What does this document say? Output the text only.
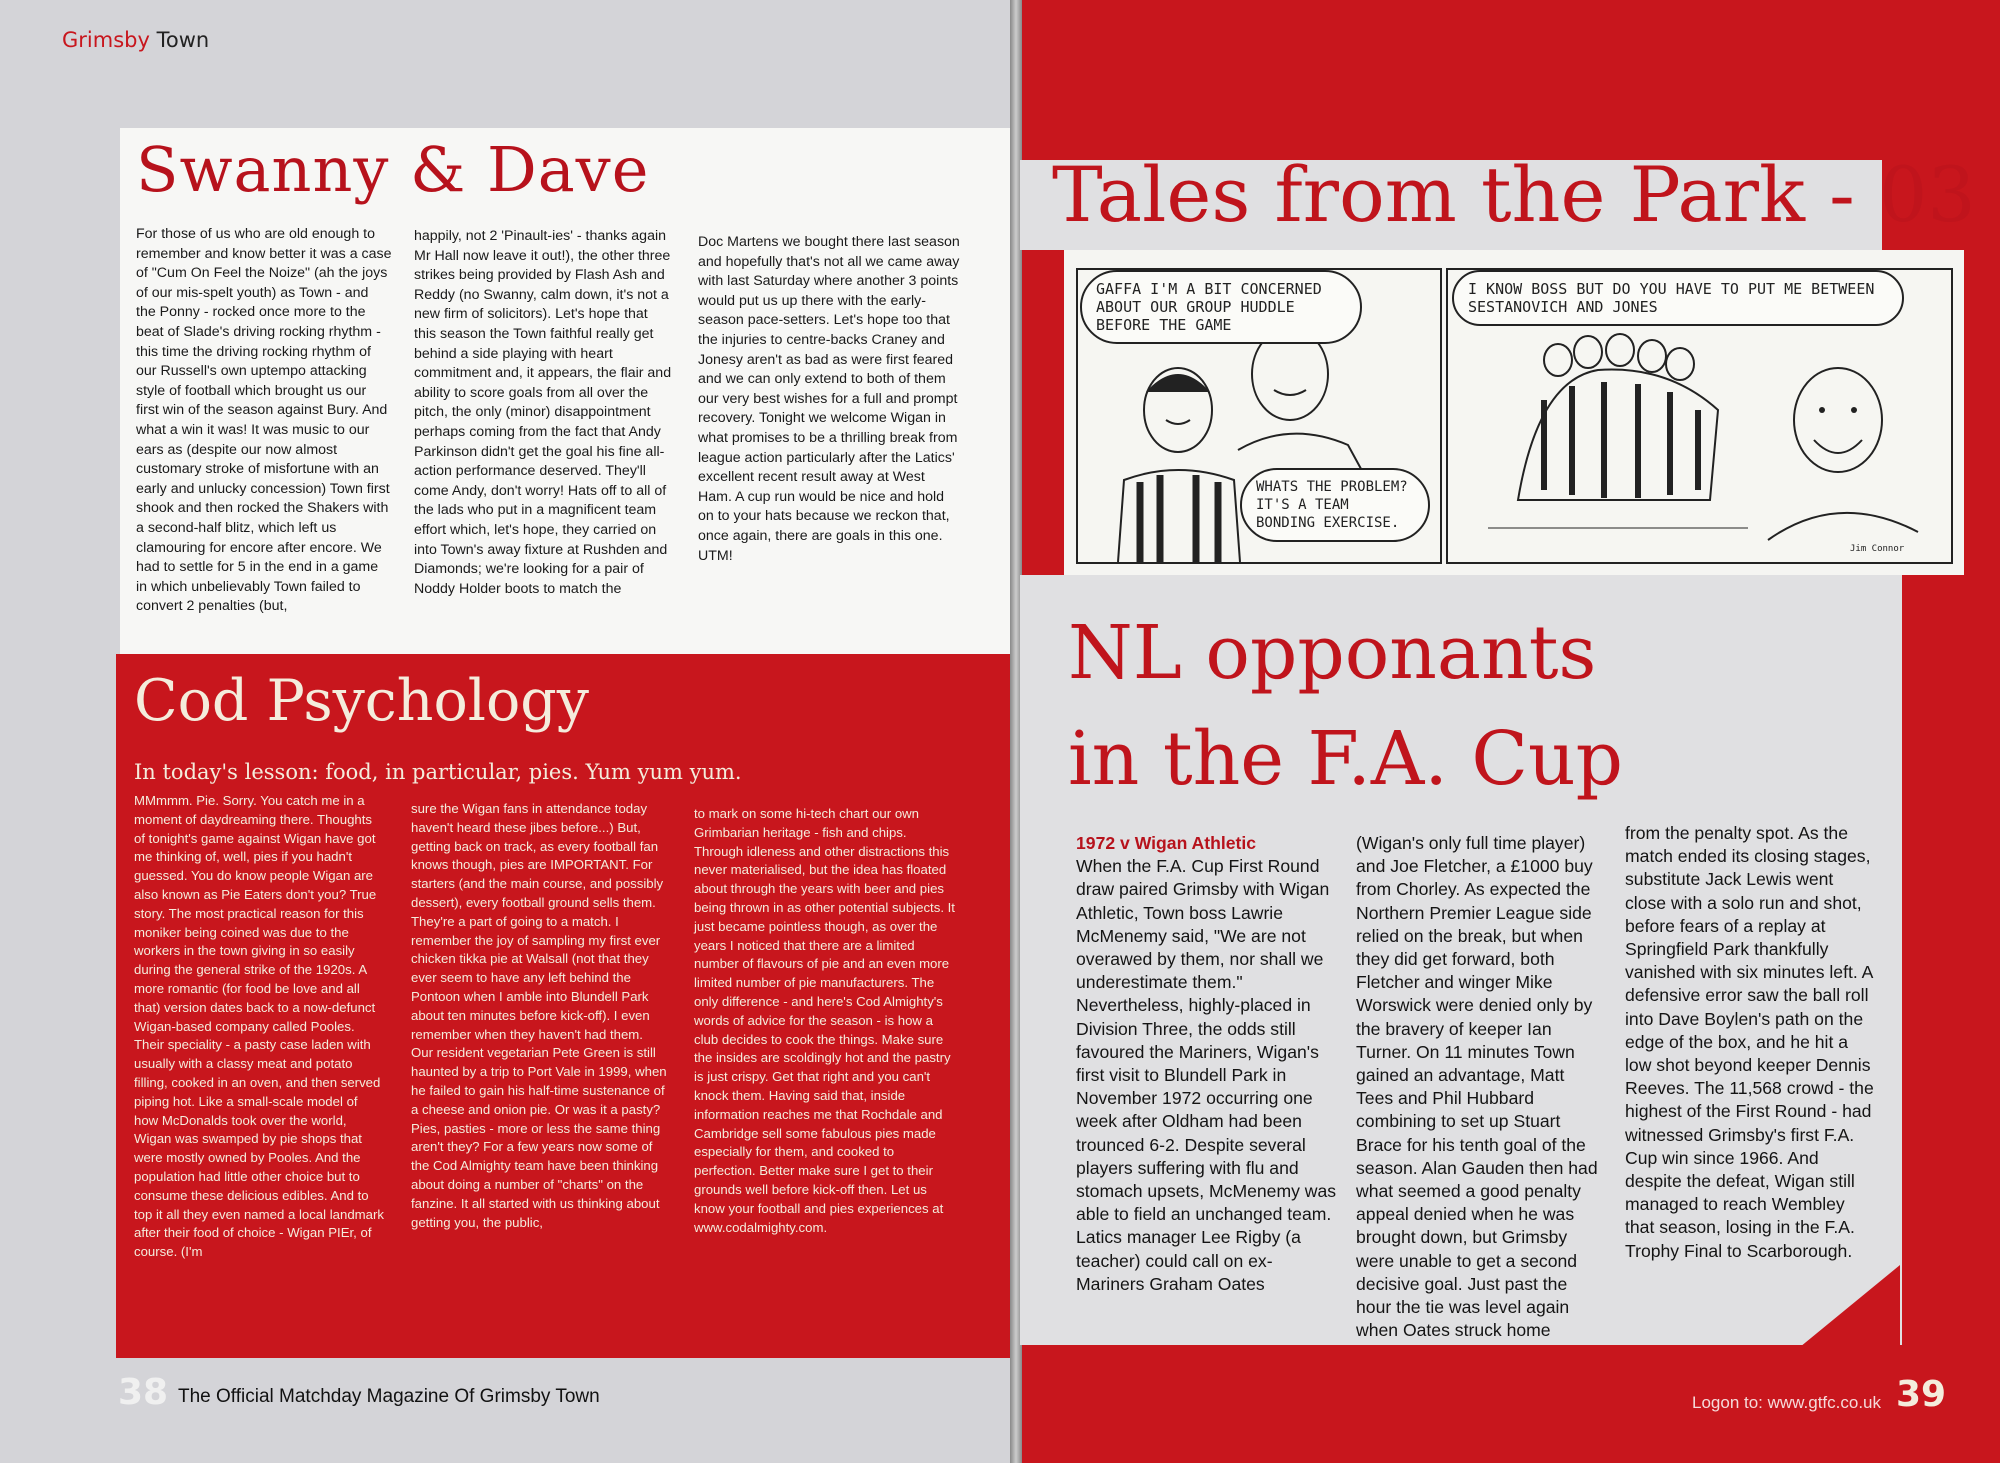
Grimsby Town
Swanny & Dave

For those of us who are old enough to remember and know better it was a case of "Cum On Feel the Noize" (ah the joys of our mis-spelt youth) as Town - and the Ponny - rocked once more to the beat of Slade's driving rocking rhythm - this time the driving rocking rhythm of our Russell's own uptempo attacking style of football which brought us our first win of the season against Bury. And what a win it was! It was music to our ears as (despite our now almost customary stroke of misfortune with an early and unlucky concession) Town first shook and then rocked the Shakers with a second-half blitz, which left us clamouring for encore after encore. We had to settle for 5 in the end in a game in which unbelievably Town failed to convert 2 penalties (but,

happily, not 2 'Pinault-ies' - thanks again Mr Hall now leave it out!), the other three strikes being provided by Flash Ash and Reddy (no Swanny, calm down, it's not a new firm of solicitors). Let's hope that this season the Town faithful really get behind a side playing with heart commitment and, it appears, the flair and ability to score goals from all over the pitch, the only (minor) disappointment perhaps coming from the fact that Andy Parkinson didn't get the goal his fine all-action performance deserved. They'll come Andy, don't worry! Hats off to all of the lads who put in a magnificent team effort which, let's hope, they carried on into Town's away fixture at Rushden and Diamonds; we're looking for a pair of Noddy Holder boots to match the

Doc Martens we bought there last season and hopefully that's not all we came away with last Saturday where another 3 points would put us up there with the early-season pace-setters. Let's hope too that the injuries to centre-backs Craney and Jonesy aren't as bad as were first feared and we can only extend to both of them our very best wishes for a full and prompt recovery. Tonight we welcome Wigan in what promises to be a thrilling break from league action particularly after the Latics' excellent recent result away at West Ham. A cup run would be nice and hold on to your hats because we reckon that, once again, there are goals in this one. UTM!

Cod Psychology
In today's lesson: food, in particular, pies. Yum yum yum.

MMmmm. Pie. Sorry. You catch me in a moment of daydreaming there. Thoughts of tonight's game against Wigan have got me thinking of, well, pies if you hadn't guessed. You do know people Wigan are also known as Pie Eaters don't you? True story. The most practical reason for this moniker being coined was due to the workers in the town giving in so easily during the general strike of the 1920s. A more romantic (for food be love and all that) version dates back to a now-defunct Wigan-based company called Pooles. Their speciality - a pasty case laden with usually with a classy meat and potato filling, cooked in an oven, and then served piping hot. Like a small-scale model of how McDonalds took over the world, Wigan was swamped by pie shops that were mostly owned by Pooles. And the population had little other choice but to consume these delicious edibles. And to top it all they even named a local landmark after their food of choice - Wigan PIEr, of course. (I'm

sure the Wigan fans in attendance today haven't heard these jibes before...) But, getting back on track, as every football fan knows though, pies are IMPORTANT. For starters (and the main course, and possibly dessert), every football ground sells them. They're a part of going to a match. I remember the joy of sampling my first ever chicken tikka pie at Walsall (not that they ever seem to have any left behind the Pontoon when I amble into Blundell Park about ten minutes before kick-off). I even remember when they haven't had them. Our resident vegetarian Pete Green is still haunted by a trip to Port Vale in 1999, when he failed to gain his half-time sustenance of a cheese and onion pie. Or was it a pasty? Pies, pasties - more or less the same thing aren't they? For a few years now some of the Cod Almighty team have been thinking about doing a number of "charts" on the fanzine. It all started with us thinking about getting you, the public,

to mark on some hi-tech chart our own Grimbarian heritage - fish and chips. Through idleness and other distractions this never materialised, but the idea has floated about through the years with beer and pies being thrown in as other potential subjects. It just became pointless though, as over the years I noticed that there are a limited number of flavours of pie and an even more limited number of pie manufacturers. The only difference - and here's Cod Almighty's words of advice for the season - is how a club decides to cook the things. Make sure the insides are scoldingly hot and the pastry is just crispy. Get that right and you can't knock them. Having said that, inside information reaches me that Rochdale and Cambridge sell some fabulous pies made especially for them, and cooked to perfection. Better make sure I get to their grounds well before kick-off then. Let us know your football and pies experiences at www.codalmighty.com.

38 The Official Matchday Magazine Of Grimsby Town
Tales from the Park - 03
GAFFA I'M A BIT CONCERNED ABOUT OUR GROUP HUDDLE BEFORE THE GAME
WHATS THE PROBLEM? IT'S A TEAM BONDING EXERCISE.
I KNOW BOSS BUT DO YOU HAVE TO PUT ME BETWEEN SESTANOVICH AND JONES
Jim Connor
NL opponants
in the F.A. Cup
1972 v Wigan Athletic
When the F.A. Cup First Round draw paired Grimsby with Wigan Athletic, Town boss Lawrie McMenemy said, "We are not overawed by them, nor shall we underestimate them." Nevertheless, highly-placed in Division Three, the odds still favoured the Mariners, Wigan's first visit to Blundell Park in November 1972 occurring one week after Oldham had been trounced 6-2. Despite several players suffering with flu and stomach upsets, McMenemy was able to field an unchanged team. Latics manager Lee Rigby (a teacher) could call on ex-Mariners Graham Oates

(Wigan's only full time player) and Joe Fletcher, a £1000 buy from Chorley. As expected the Northern Premier League side relied on the break, but when they did get forward, both Fletcher and winger Mike Worswick were denied only by the bravery of keeper Ian Turner. On 11 minutes Town gained an advantage, Matt Tees and Phil Hubbard combining to set up Stuart Brace for his tenth goal of the season. Alan Gauden then had what seemed a good penalty appeal denied when he was brought down, but Grimsby were unable to get a second decisive goal. Just past the hour the tie was level again when Oates struck home

from the penalty spot. As the match ended its closing stages, substitute Jack Lewis went close with a solo run and shot, before fears of a replay at Springfield Park thankfully vanished with six minutes left. A defensive error saw the ball roll into Dave Boylen's path on the edge of the box, and he hit a low shot beyond keeper Dennis Reeves. The 11,568 crowd - the highest of the First Round - had witnessed Grimsby's first F.A. Cup win since 1966. And despite the defeat, Wigan still managed to reach Wembley that season, losing in the F.A. Trophy Final to Scarborough.

Logon to: www.gtfc.co.uk 39
